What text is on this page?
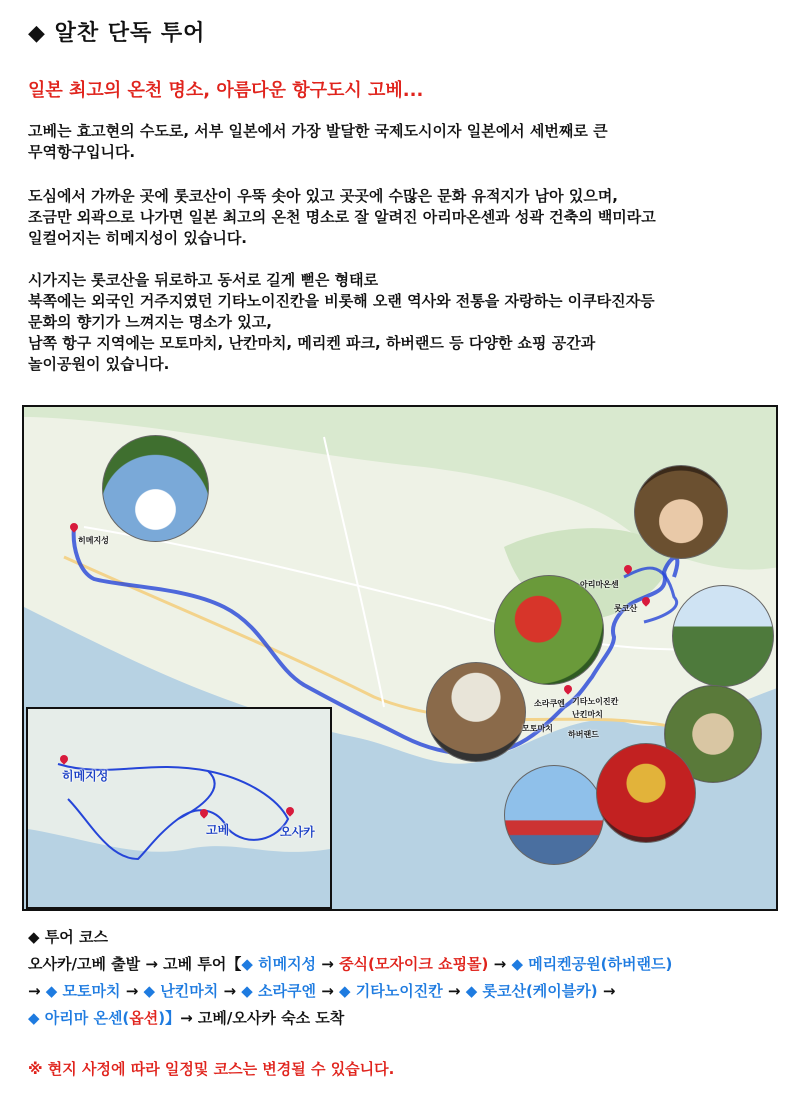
◆ 알찬 단독 투어
일본 최고의 온천 명소, 아름다운 항구도시 고베...
고베는 효고현의 수도로, 서부 일본에서 가장 발달한 국제도시이자 일본에서 세번째로 큰
무역항구입니다.
도심에서 가까운 곳에 롯코산이 우뚝 솟아 있고 곳곳에 수많은 문화 유적지가 남아 있으며,
조금만 외곽으로 나가면 일본 최고의 온천 명소로 잘 알려진 아리마온센과 성곽 건축의 백미라고
일컬어지는 히메지성이 있습니다.
시가지는 롯코산을 뒤로하고 동서로 길게 뻗은 형태로
북쪽에는 외국인 거주지였던 기타노이진칸을 비롯해 오랜 역사와 전통을 자랑하는 이쿠타진자등
문화의 향기가 느껴지는 명소가 있고,
남쪽 항구 지역에는 모토마치, 난칸마치, 메리켄 파크, 하버랜드 등 다양한 쇼핑 공간과
놀이공원이 있습니다.
히메지성
아리마온센
롯코산
소라쿠엔 기타노이진칸
난킨마치
모토마치
하버랜드
히메지성
고베	오사카
◆ 투어 코스
오사카/고베 출발 → 고베 투어【◆ 히메지성 → 중식(모자이크 쇼핑몰) → ◆ 메리켄공원(하버랜드)
→ ◆ 모토마치 → ◆ 난킨마치 → ◆ 소라쿠엔 → ◆ 기타노이진칸 → ◆ 롯코산(케이블카) →
◆ 아리마 온센(옵션)】→ 고베/오사카 숙소 도착
※ 현지 사정에 따라 일정및 코스는 변경될 수 있습니다.
